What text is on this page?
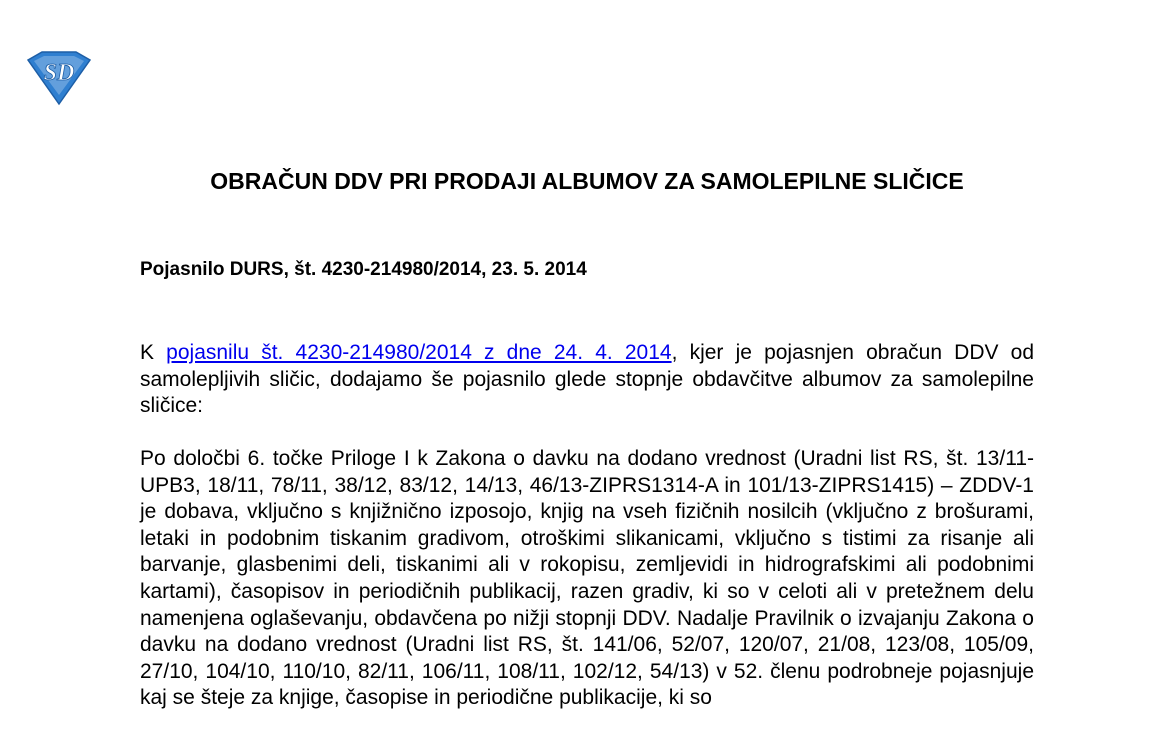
SD
OBRAČUN DDV PRI PRODAJI ALBUMOV ZA SAMOLEPILNE SLIČICE

Pojasnilo DURS, št. 4230-214980/2014, 23. 5. 2014

K pojasnilu št. 4230-214980/2014 z dne 24. 4. 2014, kjer je pojasnjen obračun DDV od samolepljivih sličic, dodajamo še pojasnilo glede stopnje obdavčitve albumov za samolepilne sličice:

Po določbi 6. točke Priloge I k Zakona o davku na dodano vrednost (Uradni list RS, št. 13/11-UPB3, 18/11, 78/11, 38/12, 83/12, 14/13, 46/13-ZIPRS1314-A in 101/13-ZIPRS1415) – ZDDV-1 je dobava, vključno s knjižnično izposojo, knjig na vseh fizičnih nosilcih (vključno z brošurami, letaki in podobnim tiskanim gradivom, otroškimi slikanicami, vključno s tistimi za risanje ali barvanje, glasbenimi deli, tiskanimi ali v rokopisu, zemljevidi in hidrografskimi ali podobnimi kartami), časopisov in periodičnih publikacij, razen gradiv, ki so v celoti ali v pretežnem delu namenjena oglaševanju, obdavčena po nižji stopnji DDV. Nadalje Pravilnik o izvajanju Zakona o davku na dodano vrednost (Uradni list RS, št. 141/06, 52/07, 120/07, 21/08, 123/08, 105/09, 27/10, 104/10, 110/10, 82/11, 106/11, 108/11, 102/12, 54/13) v 52. členu podrobneje pojasnjuje kaj se šteje za knjige, časopise in periodične publikacije, ki so
